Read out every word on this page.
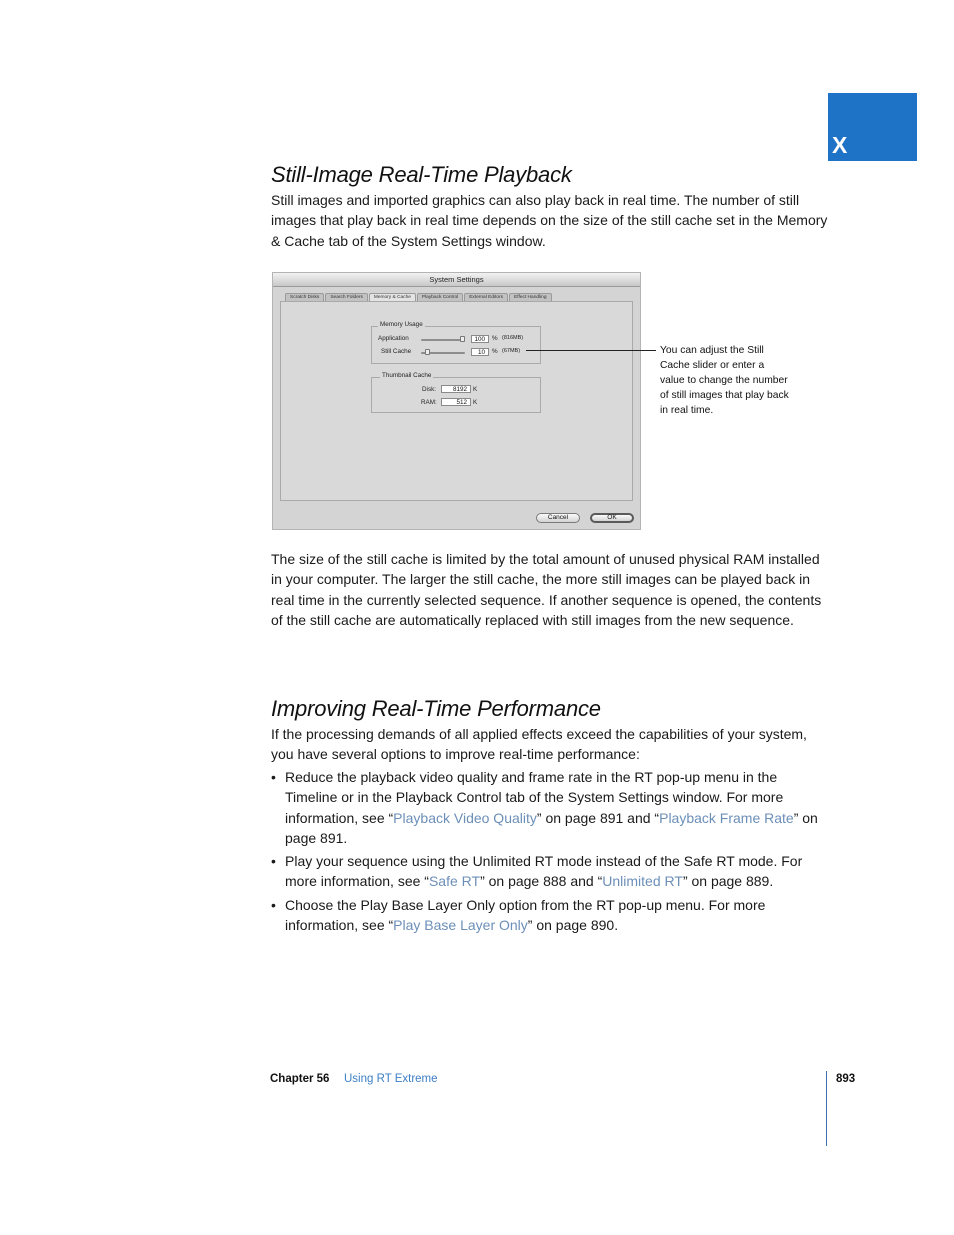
X
Still-Image Real-Time Playback

Still images and imported graphics can also play back in real time. The number of still images that play back in real time depends on the size of the still cache set in the Memory & Cache tab of the System Settings window.

System Settings
Scratch Disks	Search Folders	Memory & Cache	Playback Control	External Editors	Effect Handling
Memory Usage
Application	100	% (816MB)
Still Cache	10	% (67MB)
Thumbnail Cache
Disk:	8192 K
RAM:	512 K
Cancel	OK

You can adjust the Still Cache slider or enter a value to change the number of still images that play back in real time.

The size of the still cache is limited by the total amount of unused physical RAM installed in your computer. The larger the still cache, the more still images can be played back in real time in the currently selected sequence. If another sequence is opened, the contents of the still cache are automatically replaced with still images from the new sequence.

Improving Real-Time Performance

If the processing demands of all applied effects exceed the capabilities of your system, you have several options to improve real-time performance:

• Reduce the playback video quality and frame rate in the RT pop-up menu in the Timeline or in the Playback Control tab of the System Settings window. For more information, see “Playback Video Quality” on page 891 and “Playback Frame Rate” on page 891.
• Play your sequence using the Unlimited RT mode instead of the Safe RT mode. For more information, see “Safe RT” on page 888 and “Unlimited RT” on page 889.
• Choose the Play Base Layer Only option from the RT pop-up menu. For more information, see “Play Base Layer Only” on page 890.
Chapter 56 Using RT Extreme	893
